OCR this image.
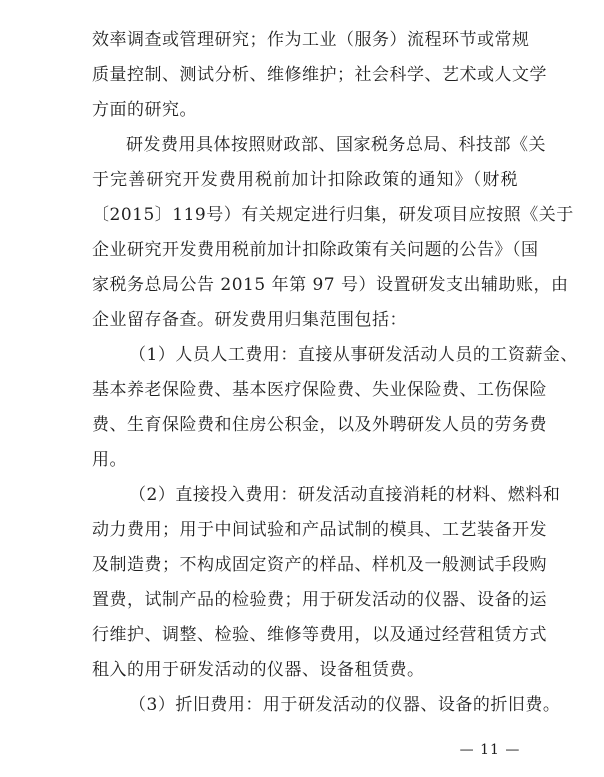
效率调查或管理研究；作为工业（服务）流程环节或常规
质量控制、测试分析、维修维护；社会科学、艺术或人文学
方面的研究。
研发费用具体按照财政部、国家税务总局、科技部《关
于完善研究开发费用税前加计扣除政策的通知》（财税
〔2015〕119号）有关规定进行归集，研发项目应按照《关于
企业研究开发费用税前加计扣除政策有关问题的公告》（国
家税务总局公告 2015 年第 97 号）设置研发支出辅助账，由
企业留存备查。研发费用归集范围包括：
（1）人员人工费用：直接从事研发活动人员的工资薪金、
基本养老保险费、基本医疗保险费、失业保险费、工伤保险
费、生育保险费和住房公积金，以及外聘研发人员的劳务费
用。
（2）直接投入费用：研发活动直接消耗的材料、燃料和
动力费用；用于中间试验和产品试制的模具、工艺装备开发
及制造费；不构成固定资产的样品、样机及一般测试手段购
置费，试制产品的检验费；用于研发活动的仪器、设备的运
行维护、调整、检验、维修等费用，以及通过经营租赁方式
租入的用于研发活动的仪器、设备租赁费。
（3）折旧费用：用于研发活动的仪器、设备的折旧费。
— 11 —
